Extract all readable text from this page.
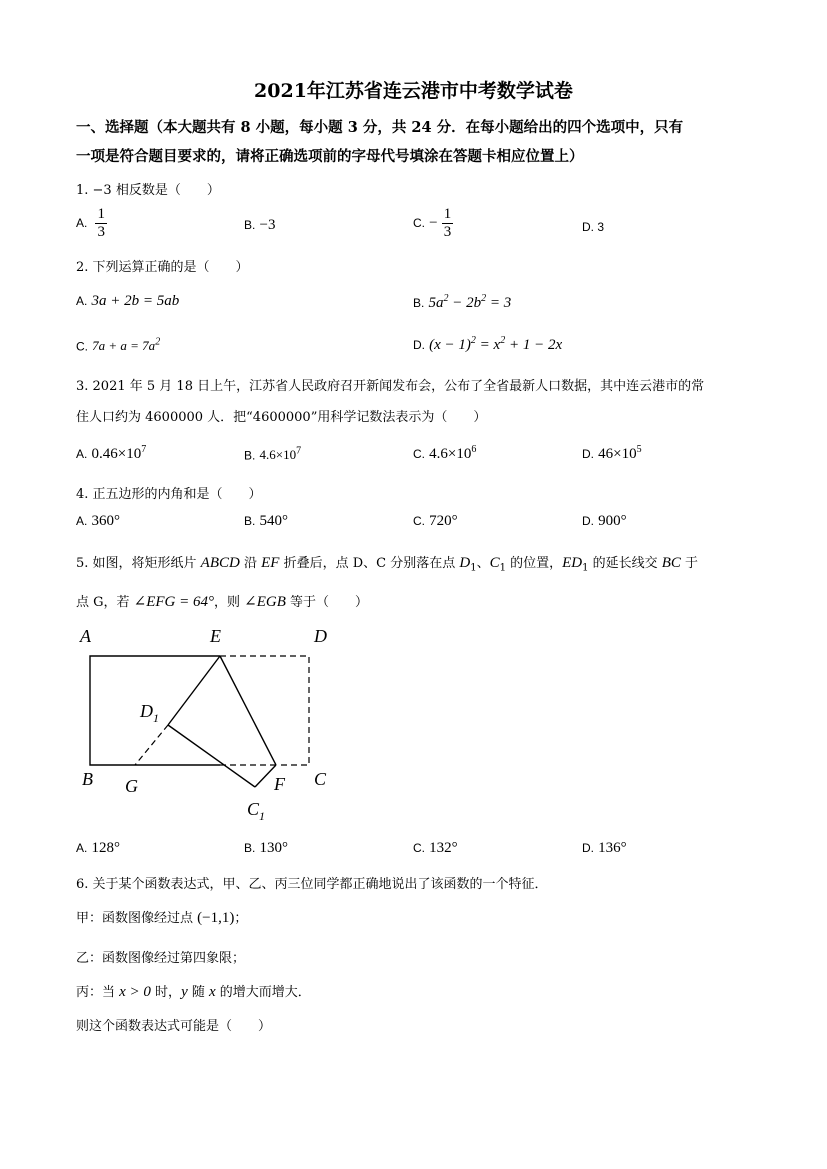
2021年江苏省连云港市中考数学试卷
一、选择题（本大题共有 8 小题，每小题 3 分，共 24 分．在每小题给出的四个选项中，只有
一项是符合题目要求的，请将正确选项前的字母代号填涂在答题卡相应位置上）
1. −3 相反数是（　　）
A. $\frac{1}{3}$	B. −3	C. − $\frac{1}{3}$	D. 3
2. 下列运算正确的是（　　）
A. 3a + 2b = 5ab	B. $5a^2 - 2b^2 = 3$
C. $7a + a = 7a^2$	D. $(x - 1)^2 = x^2 + 1 - 2x$
3. 2021 年 5 月 18 日上午，江苏省人民政府召开新闻发布会，公布了全省最新人口数据，其中连云港市的常
住人口约为 4600000 人．把“4600000”用科学记数法表示为（　　）
A. $0.46\times 10^7$	B. $4.6\times 10^7$	C. $4.6\times 10^6$	D. $46\times 10^5$
4. 正五边形的内角和是（　　）
A. 360°	B. 540°	C. 720°	D. 900°
5. 如图，将矩形纸片 ABCD 沿 EF 折叠后，点 D、C 分别落在点 $D_1$、$C_1$ 的位置，$ED_1$ 的延长线交 BC 于
点 G，若 ∠EFG = 64°，则 ∠EGB 等于（　　）
A	E	D
$D_1$
B G	F C
$C_1$
A. 128°	B. 130°	C. 132°	D. 136°
6. 关于某个函数表达式，甲、乙、丙三位同学都正确地说出了该函数的一个特征．
甲：函数图像经过点 (−1,1)；
乙：函数图像经过第四象限；
丙：当 x > 0 时，y 随 x 的增大而增大．
则这个函数表达式可能是（　　）
